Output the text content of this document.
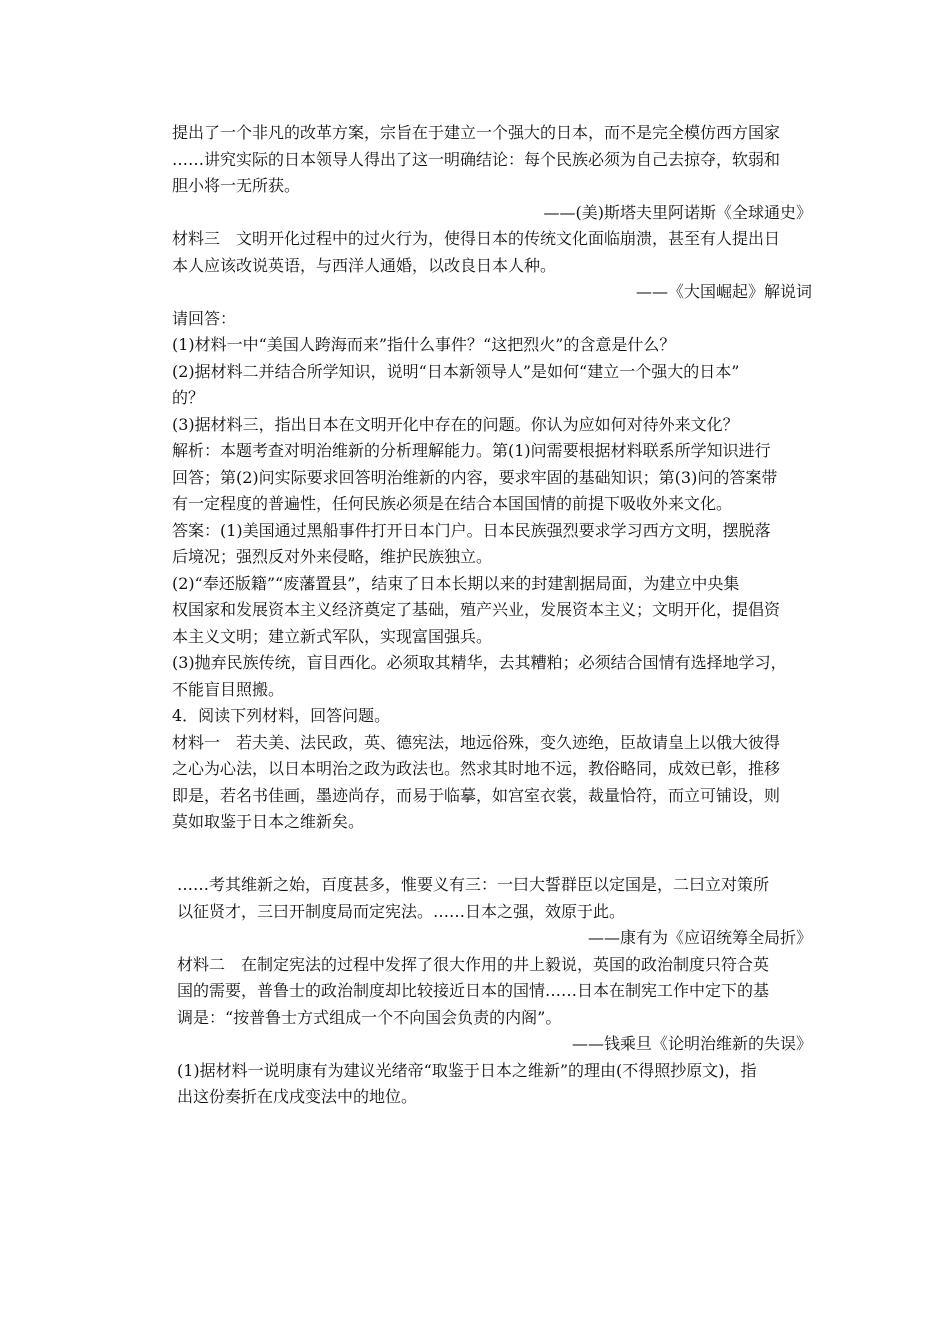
提出了一个非凡的改革方案，宗旨在于建立一个强大的日本，而不是完全模仿西方国家
……讲究实际的日本领导人得出了这一明确结论：每个民族必须为自己去掠夺，软弱和
胆小将一无所获。

——(美)斯塔夫里阿诺斯《全球通史》

材料三　文明开化过程中的过火行为，使得日本的传统文化面临崩溃，甚至有人提出日
本人应该改说英语，与西洋人通婚，以改良日本人种。

——《大国崛起》解说词

请回答：

(1)材料一中“美国人跨海而来”指什么事件？“这把烈火”的含意是什么？

(2)据材料二并结合所学知识，说明“日本新领导人”是如何“建立一个强大的日本”
的？

(3)据材料三，指出日本在文明开化中存在的问题。你认为应如何对待外来文化？

解析：本题考查对明治维新的分析理解能力。第(1)问需要根据材料联系所学知识进行
回答；第(2)问实际要求回答明治维新的内容，要求牢固的基础知识；第(3)问的答案带
有一定程度的普遍性，任何民族必须是在结合本国国情的前提下吸收外来文化。

答案：(1)美国通过黑船事件打开日本门户。日本民族强烈要求学习西方文明，摆脱落
后境况；强烈反对外来侵略，维护民族独立。

(2)“奉还版籍”“废藩置县”，结束了日本长期以来的封建割据局面，为建立中央集
权国家和发展资本主义经济奠定了基础，殖产兴业，发展资本主义；文明开化，提倡资
本主义文明；建立新式军队，实现富国强兵。

(3)抛弃民族传统，盲目西化。必须取其精华，去其糟粕；必须结合国情有选择地学习，
不能盲目照搬。

4．阅读下列材料，回答问题。

材料一　若夫美、法民政，英、德宪法，地远俗殊，变久迹绝，臣故请皇上以俄大彼得
之心为心法，以日本明治之政为政法也。然求其时地不远，教俗略同，成效已彰，推移
即是，若名书佳画，墨迹尚存，而易于临摹，如宫室衣裳，裁量恰符，而立可铺设，则
莫如取鉴于日本之维新矣。

……考其维新之始，百度甚多，惟要义有三：一曰大誓群臣以定国是，二曰立对策所
以征贤才，三曰开制度局而定宪法。……日本之强，效原于此。

——康有为《应诏统筹全局折》

材料二　在制定宪法的过程中发挥了很大作用的井上毅说，英国的政治制度只符合英
国的需要，普鲁士的政治制度却比较接近日本的国情……日本在制宪工作中定下的基
调是：“按普鲁士方式组成一个不向国会负责的内阁”。

——钱乘旦《论明治维新的失误》

(1)据材料一说明康有为建议光绪帝“取鉴于日本之维新”的理由(不得照抄原文)，指
出这份奏折在戊戌变法中的地位。
